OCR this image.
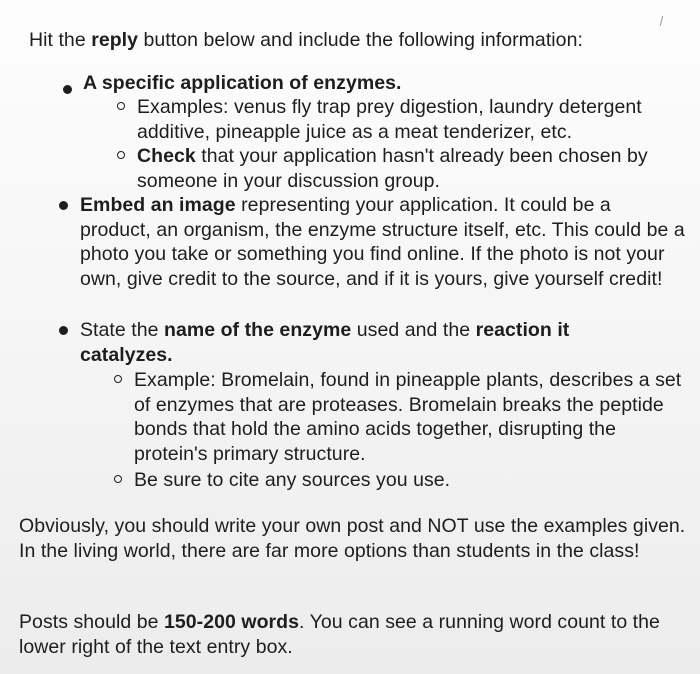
Hit the reply button below and include the following information:
A specific application of enzymes.
Examples: venus fly trap prey digestion, laundry detergent additive, pineapple juice as a meat tenderizer, etc.
Check that your application hasn't already been chosen by someone in your discussion group.
Embed an image representing your application. It could be a product, an organism, the enzyme structure itself, etc. This could be a photo you take or something you find online. If the photo is not your own, give credit to the source, and if it is yours, give yourself credit!
State the name of the enzyme used and the reaction it catalyzes.
Example: Bromelain, found in pineapple plants, describes a set of enzymes that are proteases. Bromelain breaks the peptide bonds that hold the amino acids together, disrupting the protein's primary structure.
Be sure to cite any sources you use.
Obviously, you should write your own post and NOT use the examples given. In the living world, there are far more options than students in the class!
Posts should be 150-200 words. You can see a running word count to the lower right of the text entry box.
